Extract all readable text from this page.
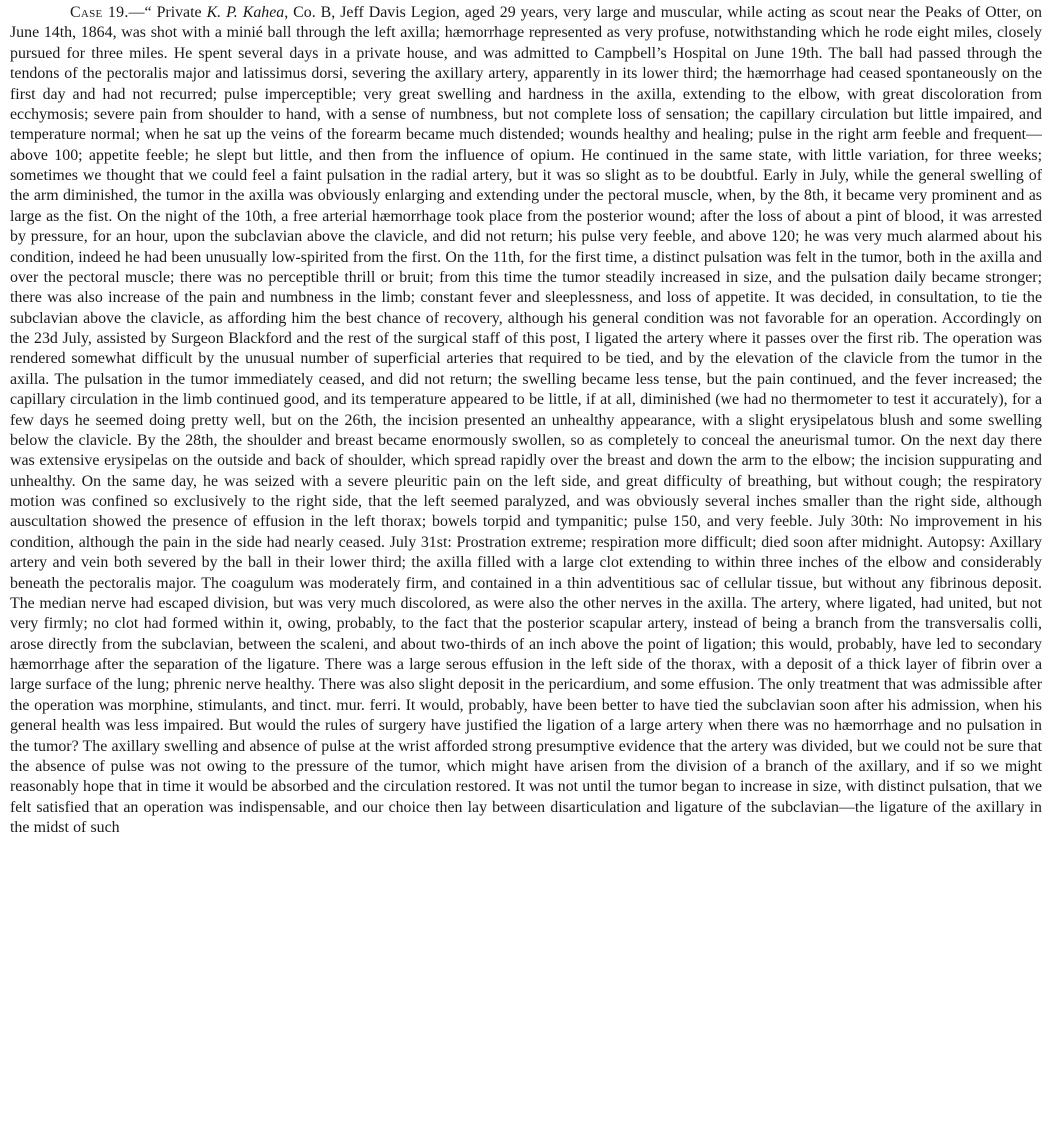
Case 19.—“ Private K. P. Kahea, Co. B, Jeff Davis Legion, aged 29 years, very large and muscular, while acting as scout near the Peaks of Otter, on June 14th, 1864, was shot with a minié ball through the left axilla; hæmorrhage represented as very profuse, notwithstanding which he rode eight miles, closely pursued for three miles. He spent several days in a private house, and was admitted to Campbell’s Hospital on June 19th. The ball had passed through the tendons of the pectoralis major and latissimus dorsi, severing the axillary artery, apparently in its lower third; the hæmorrhage had ceased spontaneously on the first day and had not recurred; pulse imperceptible; very great swelling and hardness in the axilla, extending to the elbow, with great discoloration from ecchymosis; severe pain from shoulder to hand, with a sense of numbness, but not complete loss of sensation; the capillary circulation but little impaired, and temperature normal; when he sat up the veins of the forearm became much distended; wounds healthy and healing; pulse in the right arm feeble and frequent—above 100; appetite feeble; he slept but little, and then from the influence of opium. He continued in the same state, with little variation, for three weeks; sometimes we thought that we could feel a faint pulsation in the radial artery, but it was so slight as to be doubtful. Early in July, while the general swelling of the arm diminished, the tumor in the axilla was obviously enlarging and extending under the pectoral muscle, when, by the 8th, it became very prominent and as large as the fist. On the night of the 10th, a free arterial hæmorrhage took place from the posterior wound; after the loss of about a pint of blood, it was arrested by pressure, for an hour, upon the subclavian above the clavicle, and did not return; his pulse very feeble, and above 120; he was very much alarmed about his condition, indeed he had been unusually low-spirited from the first. On the 11th, for the first time, a distinct pulsation was felt in the tumor, both in the axilla and over the pectoral muscle; there was no perceptible thrill or bruit; from this time the tumor steadily increased in size, and the pulsation daily became stronger; there was also increase of the pain and numbness in the limb; constant fever and sleeplessness, and loss of appetite. It was decided, in consultation, to tie the subclavian above the clavicle, as affording him the best chance of recovery, although his general condition was not favorable for an operation. Accordingly on the 23d July, assisted by Surgeon Blackford and the rest of the surgical staff of this post, I ligated the artery where it passes over the first rib. The operation was rendered somewhat difficult by the unusual number of superficial arteries that required to be tied, and by the elevation of the clavicle from the tumor in the axilla. The pulsation in the tumor immediately ceased, and did not return; the swelling became less tense, but the pain continued, and the fever increased; the capillary circulation in the limb continued good, and its temperature appeared to be little, if at all, diminished (we had no thermometer to test it accurately), for a few days he seemed doing pretty well, but on the 26th, the incision presented an unhealthy appearance, with a slight erysipelatous blush and some swelling below the clavicle. By the 28th, the shoulder and breast became enormously swollen, so as completely to conceal the aneurismal tumor. On the next day there was extensive erysipelas on the outside and back of shoulder, which spread rapidly over the breast and down the arm to the elbow; the incision suppurating and unhealthy. On the same day, he was seized with a severe pleuritic pain on the left side, and great difficulty of breathing, but without cough; the respiratory motion was confined so exclusively to the right side, that the left seemed paralyzed, and was obviously several inches smaller than the right side, although auscultation showed the presence of effusion in the left thorax; bowels torpid and tympanitic; pulse 150, and very feeble. July 30th: No improvement in his condition, although the pain in the side had nearly ceased. July 31st: Prostration extreme; respiration more difficult; died soon after midnight. Autopsy: Axillary artery and vein both severed by the ball in their lower third; the axilla filled with a large clot extending to within three inches of the elbow and considerably beneath the pectoralis major. The coagulum was moderately firm, and contained in a thin adventitious sac of cellular tissue, but without any fibrinous deposit. The median nerve had escaped division, but was very much discolored, as were also the other nerves in the axilla. The artery, where ligated, had united, but not very firmly; no clot had formed within it, owing, probably, to the fact that the posterior scapular artery, instead of being a branch from the transversalis colli, arose directly from the subclavian, between the scaleni, and about two-thirds of an inch above the point of ligation; this would, probably, have led to secondary hæmorrhage after the separation of the ligature. There was a large serous effusion in the left side of the thorax, with a deposit of a thick layer of fibrin over a large surface of the lung; phrenic nerve healthy. There was also slight deposit in the pericardium, and some effusion. The only treatment that was admissible after the operation was morphine, stimulants, and tinct. mur. ferri. It would, probably, have been better to have tied the subclavian soon after his admission, when his general health was less impaired. But would the rules of surgery have justified the ligation of a large artery when there was no hæmorrhage and no pulsation in the tumor? The axillary swelling and absence of pulse at the wrist afforded strong presumptive evidence that the artery was divided, but we could not be sure that the absence of pulse was not owing to the pressure of the tumor, which might have arisen from the division of a branch of the axillary, and if so we might reasonably hope that in time it would be absorbed and the circulation restored. It was not until the tumor began to increase in size, with distinct pulsation, that we felt satisfied that an operation was indispensable, and our choice then lay between disarticulation and ligature of the subclavian—the ligature of the axillary in the midst of such
